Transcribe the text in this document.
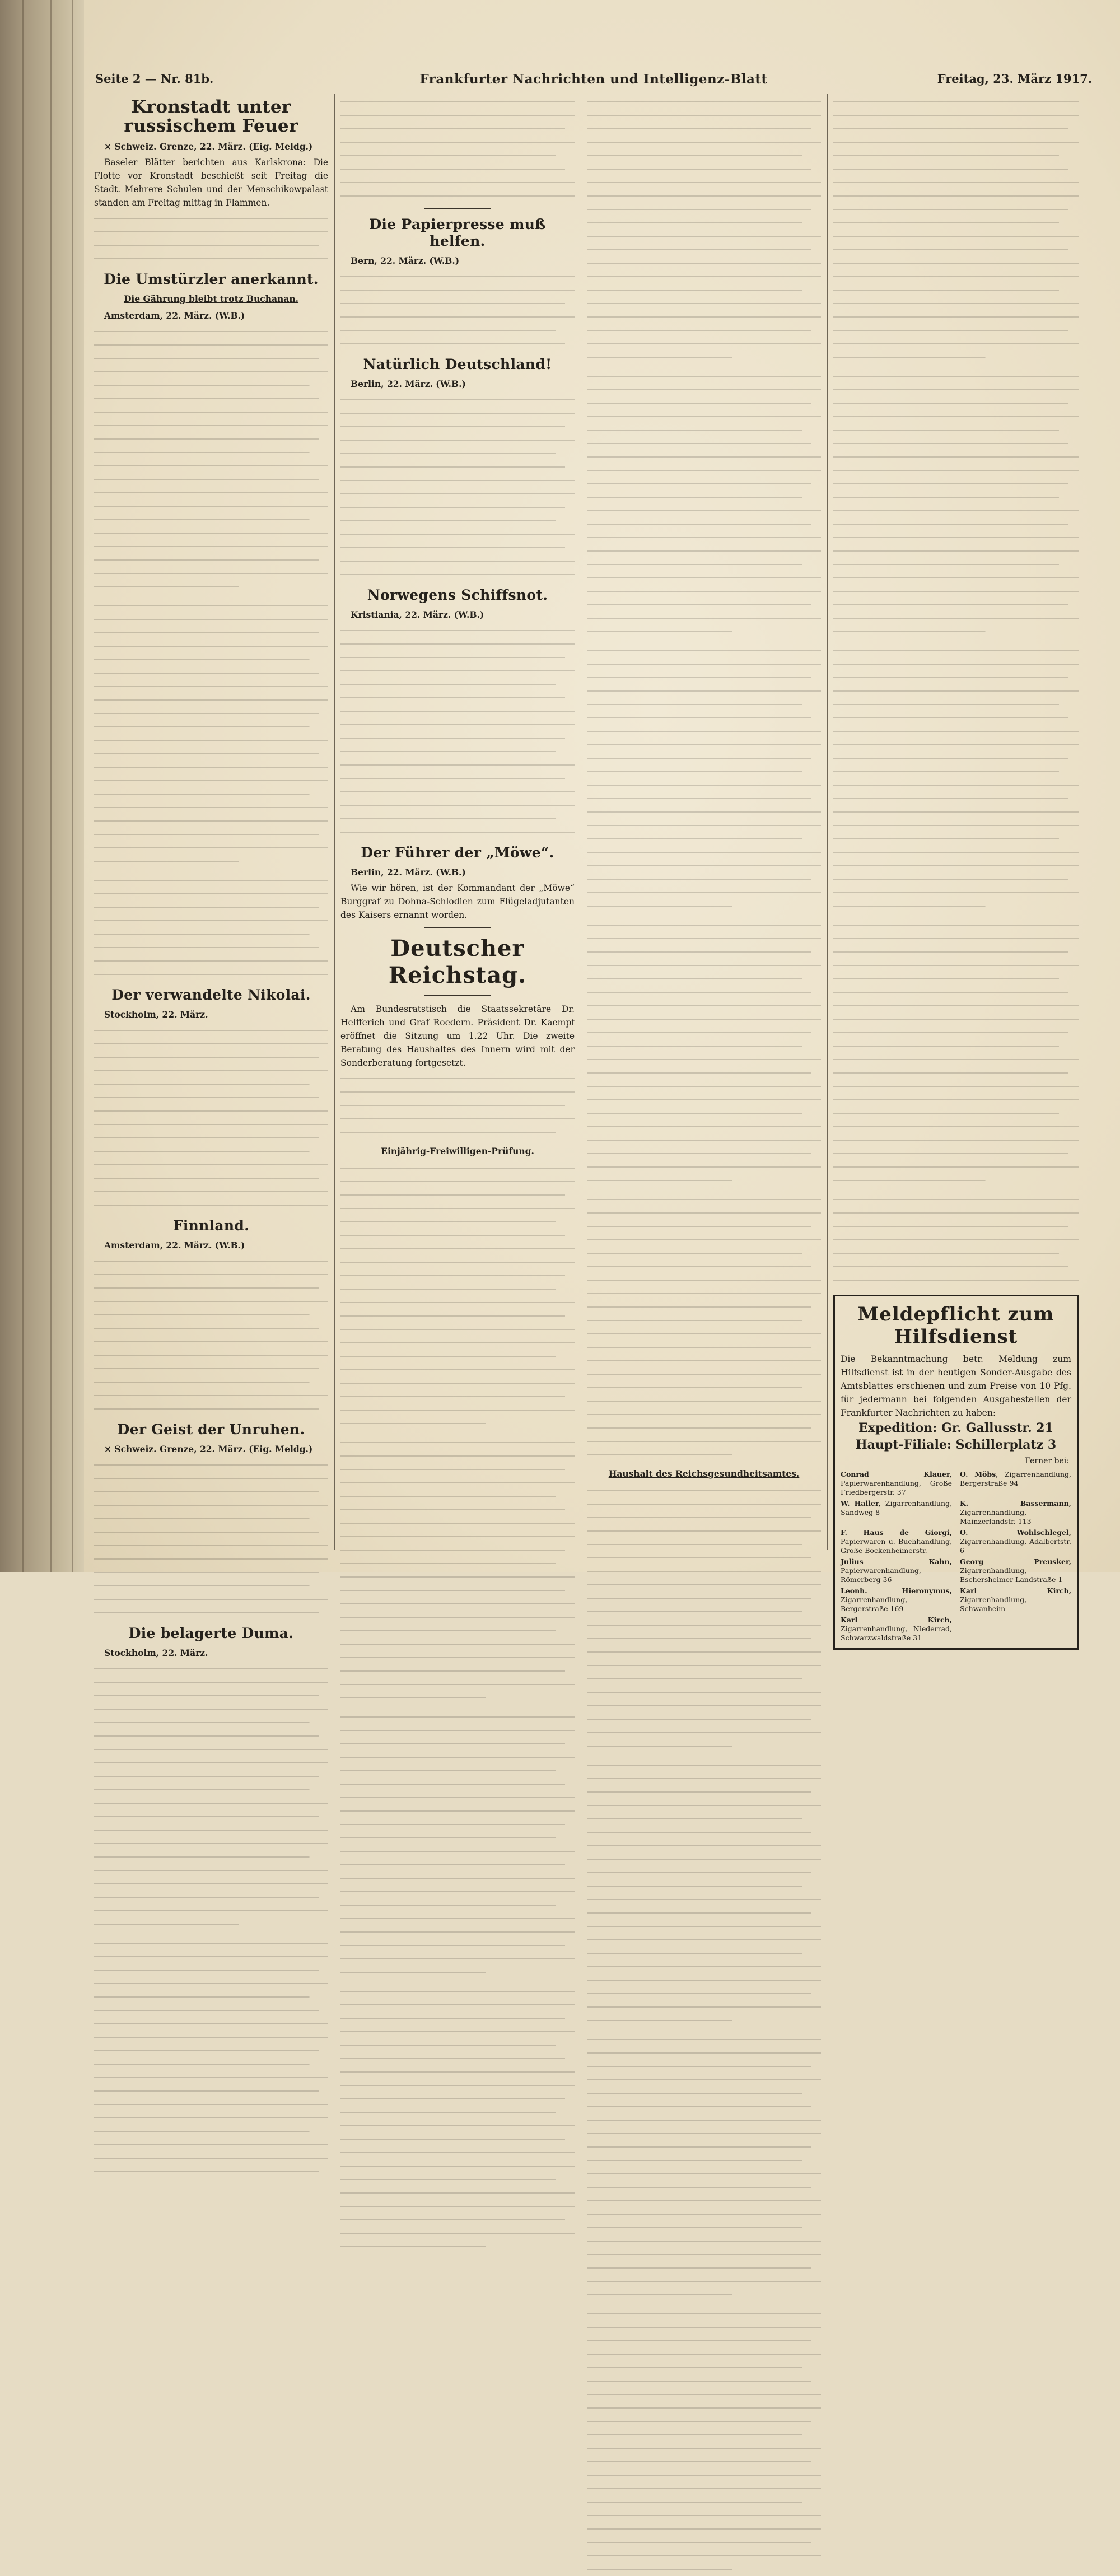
Seite 2 — Nr. 81b.	Frankfurter Nachrichten und Intelligenz-Blatt	Freitag, 23. März 1917.
Kronstadt unter russischem Feuer

× Schweiz. Grenze, 22. März. (Eig. Meldg.)

Baseler Blätter berichten aus Karlskrona: Die Flotte vor Kronstadt beschießt seit Freitag die Stadt. Mehrere Schulen und der Menschikowpalast standen am Freitag mittag in Flammen.

Die Umstürzler anerkannt.
Die Gährung bleibt trotz Buchanan.

Amsterdam, 22. März. (W.B.)

Der verwandelte Nikolai.

Stockholm, 22. März.

Finnland.

Amsterdam, 22. März. (W.B.)

Der Geist der Unruhen.

× Schweiz. Grenze, 22. März. (Eig. Meldg.)

Die belagerte Duma.

Stockholm, 22. März.

Die Papierpresse muß helfen.

Bern, 22. März. (W.B.)

Natürlich Deutschland!

Berlin, 22. März. (W.B.)

Norwegens Schiffsnot.

Kristiania, 22. März. (W.B.)

Der Führer der „Möwe“.

Berlin, 22. März. (W.B.)

Wie wir hören, ist der Kommandant der „Möwe“ Burggraf zu Dohna-Schlodien zum Flügeladjutanten des Kaisers ernannt worden.

Deutscher Reichstag.

Am Bundesratstisch die Staatssekretäre Dr. Helfferich und Graf Roedern. Präsident Dr. Kaempf eröffnet die Sitzung um 1.22 Uhr. Die zweite Beratung des Haushaltes des Innern wird mit der Sonderberatung fortgesetzt.

Einjährig-Freiwilligen-Prüfung.
Haushalt des Reichsgesundheitsamtes.
Meldepflicht zum Hilfsdienst
Die Bekanntmachung betr. Meldung zum Hilfsdienst ist in der heutigen Sonder-Ausgabe des Amtsblattes erschienen und zum Preise von 10 Pfg. für jedermann bei folgenden Ausgabestellen der Frankfurter Nachrichten zu haben:
Expedition: Gr. Gallusstr. 21
Haupt-Filiale: Schillerplatz 3
Ferner bei:
Conrad Klauer, Papierwarenhandlung, Große Friedbergerstr. 37
O. Möbs, Zigarrenhandlung, Bergerstraße 94
W. Haller, Zigarrenhandlung, Sandweg 8
K. Bassermann, Zigarrenhandlung, Mainzerlandstr. 113
F. Haus de Giorgi, Papierwaren u. Buchhandlung, Große Bockenheimerstr.
O. Wohlschlegel, Zigarrenhandlung, Adalbertstr. 6
Julius Kahn, Papierwarenhandlung, Römerberg 36
Georg Preusker, Zigarrenhandlung, Eschersheimer Landstraße 1
Leonh. Hieronymus, Zigarrenhandlung, Bergerstraße 169
Karl Kirch, Zigarrenhandlung, Schwanheim
Karl Kirch, Zigarrenhandlung, Niederrad, Schwarzwaldstraße 31
